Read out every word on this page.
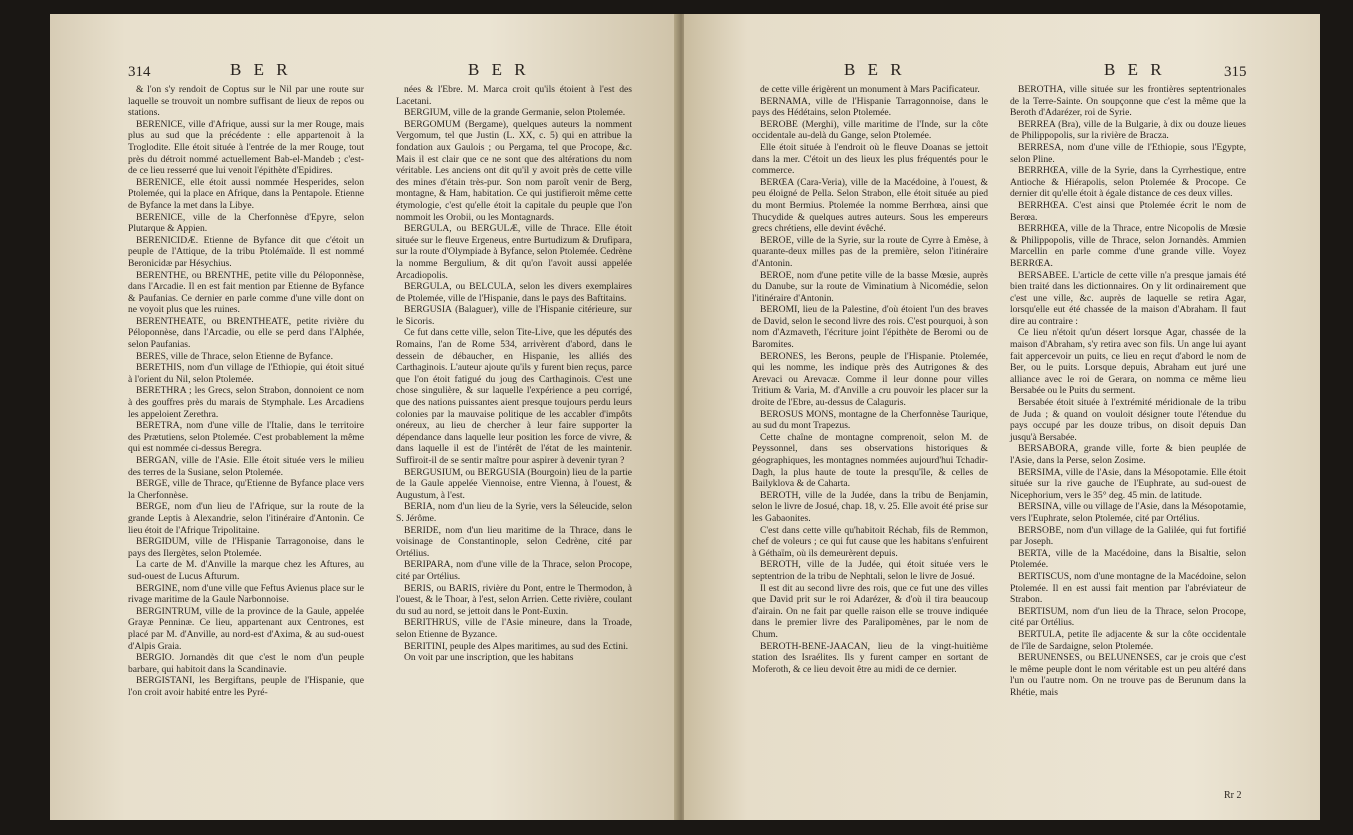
314	B E R	B E R

& l'on s'y rendoit de Coptus sur le Nil par une route sur laquelle se trouvoit un nombre suffisant de lieux de repos ou stations.

BERENICE, ville d'Afrique, aussi sur la mer Rouge, mais plus au sud que la précédente : elle appartenoit à la Troglodite. Elle étoit située à l'entrée de la mer Rouge, tout près du détroit nommé actuellement Bab-el-Mandeb ; c'est-de ce lieu resserré que lui venoit l'épithète d'Epidires.

BERENICE, elle étoit aussi nommée Hesperides, selon Ptolemée, qui la place en Afrique, dans la Pentapole. Etienne de Byfance la met dans la Libye.

BERENICE, ville de la Cherfonnèse d'Epyre, selon Plutarque & Appien.

BERENICIDÆ. Etienne de Byfance dit que c'étoit un peuple de l'Attique, de la tribu Ptolémaïde. Il est nommé Beronicidæ par Hésychius.

BERENTHE, ou BRENTHE, petite ville du Péloponnèse, dans l'Arcadie. Il en est fait mention par Etienne de Byfance & Paufanias. Ce dernier en parle comme d'une ville dont on ne voyoit plus que les ruines.

BERENTHEATE, ou BRENTHEATE, petite rivière du Péloponnèse, dans l'Arcadie, ou elle se perd dans l'Alphée, selon Paufanias.

BERES, ville de Thrace, selon Etienne de Byfance.

BERETHIS, nom d'un village de l'Ethiopie, qui étoit situé à l'orient du Nil, selon Ptolemée.

BERETHRA ; les Grecs, selon Strabon, donnoient ce nom à des gouffres près du marais de Stymphale. Les Arcadiens les appeloient Zerethra.

BERETRA, nom d'une ville de l'Italie, dans le territoire des Prætutiens, selon Ptolemée. C'est probablement la même qui est nommée ci-dessus Beregra.

BERGAN, ville de l'Asie. Elle étoit située vers le milieu des terres de la Susiane, selon Ptolemée.

BERGE, ville de Thrace, qu'Etienne de Byfance place vers la Cherfonnèse.

BERGE, nom d'un lieu de l'Afrique, sur la route de la grande Leptis à Alexandrie, selon l'itinéraire d'Antonin. Ce lieu étoit de l'Afrique Tripolitaine.

BERGIDUM, ville de l'Hispanie Tarragonoise, dans le pays des Ilergètes, selon Ptolemée.

La carte de M. d'Anville la marque chez les Aftures, au sud-ouest de Lucus Afturum.

BERGINE, nom d'une ville que Feftus Avienus place sur le rivage maritime de la Gaule Narbonnoise.

BERGINTRUM, ville de la province de la Gaule, appelée Grayæ Penninæ. Ce lieu, appartenant aux Centrones, est placé par M. d'Anville, au nord-est d'Axima, & au sud-ouest d'Alpis Graia.

BERGIO. Jornandès dit que c'est le nom d'un peuple barbare, qui habitoit dans la Scandinavie.

BERGISTANI, les Bergiftans, peuple de l'Hispanie, que l'on croit avoir habité entre les Pyré-

nées & l'Ebre. M. Marca croit qu'ils étoient à l'est des Lacetani.

BERGIUM, ville de la grande Germanie, selon Ptolemée.

BERGOMUM (Bergame), quelques auteurs la nomment Vergomum, tel que Justin (L. XX, c. 5) qui en attribue la fondation aux Gaulois ; ou Pergama, tel que Procope, &c. Mais il est clair que ce ne sont que des altérations du nom véritable. Les anciens ont dit qu'il y avoit près de cette ville des mines d'étain très-pur. Son nom paroît venir de Berg, montagne, & Ham, habitation. Ce qui justifieroit même cette étymologie, c'est qu'elle étoit la capitale du peuple que l'on nommoit les Orobii, ou les Montagnards.

BERGULA, ou BERGULÆ, ville de Thrace. Elle étoit située sur le fleuve Ergeneus, entre Burtudizum & Drufipara, sur la route d'Olympiade à Byfance, selon Ptolemée. Cedrène la nomme Bergulium, & dit qu'on l'avoit aussi appelée Arcadiopolis.

BERGULA, ou BELCULA, selon les divers exemplaires de Ptolemée, ville de l'Hispanie, dans le pays des Baftitains.

BERGUSIA (Balaguer), ville de l'Hispanie citérieure, sur le Sicoris.

Ce fut dans cette ville, selon Tite-Live, que les députés des Romains, l'an de Rome 534, arrivèrent d'abord, dans le dessein de débaucher, en Hispanie, les alliés des Carthaginois. L'auteur ajoute qu'ils y furent bien reçus, parce que l'on étoit fatigué du joug des Carthaginois. C'est une chose singulière, & sur laquelle l'expérience a peu corrigé, que des nations puissantes aient presque toujours perdu leurs colonies par la mauvaise politique de les accabler d'impôts onéreux, au lieu de chercher à leur faire supporter la dépendance dans laquelle leur position les force de vivre, & dans laquelle il est de l'intérêt de l'état de les maintenir. Suffiroit-il de se sentir maître pour aspirer à devenir tyran ?

BERGUSIUM, ou BERGUSIA (Bourgoin) lieu de la partie de la Gaule appelée Viennoise, entre Vienna, à l'ouest, & Augustum, à l'est.

BERIA, nom d'un lieu de la Syrie, vers la Séleucide, selon S. Jérôme.

BERIDE, nom d'un lieu maritime de la Thrace, dans le voisinage de Constantinople, selon Cedrène, cité par Ortélius.

BERIPARA, nom d'une ville de la Thrace, selon Procope, cité par Ortélius.

BERIS, ou BARIS, rivière du Pont, entre le Thermodon, à l'ouest, & le Thoar, à l'est, selon Arrien. Cette rivière, coulant du sud au nord, se jettoit dans le Pont-Euxin.

BERITHRUS, ville de l'Asie mineure, dans la Troade, selon Etienne de Byzance.

BERITINI, peuple des Alpes maritimes, au sud des Ectini.

On voit par une inscription, que les habitans

B E R	B E R	315

de cette ville érigèrent un monument à Mars Pacificateur.

BERNAMA, ville de l'Hispanie Tarragonnoise, dans le pays des Hédétains, selon Ptolemée.

BEROBE (Merghi), ville maritime de l'Inde, sur la côte occidentale au-delà du Gange, selon Ptolemée.

Elle étoit située à l'endroit où le fleuve Doanas se jettoit dans la mer. C'étoit un des lieux les plus fréquentés pour le commerce.

BERŒA (Cara-Veria), ville de la Macédoine, à l'ouest, & peu éloigné de Pella. Selon Strabon, elle étoit située au pied du mont Bermius. Ptolemée la nomme Berrhœa, ainsi que Thucydide & quelques autres auteurs. Sous les empereurs grecs chrétiens, elle devint évêché.

BEROE, ville de la Syrie, sur la route de Cyrre à Emèse, à quarante-deux milles pas de la première, selon l'itinéraire d'Antonin.

BEROE, nom d'une petite ville de la basse Mœsie, auprès du Danube, sur la route de Viminatium à Nicomédie, selon l'itinéraire d'Antonin.

BEROMI, lieu de la Palestine, d'où étoient l'un des braves de David, selon le second livre des rois. C'est pourquoi, à son nom d'Azmaveth, l'écriture joint l'épithète de Beromi ou de Baromites.

BERONES, les Berons, peuple de l'Hispanie. Ptolemée, qui les nomme, les indique près des Autrigones & des Arevaci ou Arevacæ. Comme il leur donne pour villes Tritium & Varia, M. d'Anville a cru pouvoir les placer sur la droite de l'Ebre, au-dessus de Calaguris.

BEROSUS MONS, montagne de la Cherfonnèse Taurique, au sud du mont Trapezus.

Cette chaîne de montagne comprenoit, selon M. de Peyssonnel, dans ses observations historiques & géographiques, les montagnes nommées aujourd'hui Tchadir-Dagh, la plus haute de toute la presqu'île, & celles de Bailyklova & de Caharta.

BEROTH, ville de la Judée, dans la tribu de Benjamin, selon le livre de Josué, chap. 18, v. 25. Elle avoit été prise sur les Gabaonites.

C'est dans cette ville qu'habitoit Réchab, fils de Remmon, chef de voleurs ; ce qui fut cause que les habitans s'enfuirent à Géthaïm, où ils demeurèrent depuis.

BEROTH, ville de la Judée, qui étoit située vers le septentrion de la tribu de Nephtali, selon le livre de Josué.

Il est dit au second livre des rois, que ce fut une des villes que David prit sur le roi Adarézer, & d'où il tira beaucoup d'airain. On ne fait par quelle raison elle se trouve indiquée dans le premier livre des Paralipomènes, par le nom de Chum.

BEROTH-BENE-JAACAN, lieu de la vingt-huitième station des Israélites. Ils y furent camper en sortant de Moferoth, & ce lieu devoit être au midi de ce dernier.

BEROTHA, ville située sur les frontières septentrionales de la Terre-Sainte. On soupçonne que c'est la même que la Beroth d'Adarézer, roi de Syrie.

BERREA (Bra), ville de la Bulgarie, à dix ou douze lieues de Philippopolis, sur la rivière de Bracza.

BERRESA, nom d'une ville de l'Ethiopie, sous l'Egypte, selon Pline.

BERRHŒA, ville de la Syrie, dans la Cyrrhestique, entre Antioche & Hiérapolis, selon Ptolemée & Procope. Ce dernier dit qu'elle étoit à égale distance de ces deux villes.

BERRHŒA. C'est ainsi que Ptolemée écrit le nom de Berœa.

BERRHŒA, ville de la Thrace, entre Nicopolis de Mœsie & Philippopolis, ville de Thrace, selon Jornandès. Ammien Marcellin en parle comme d'une grande ville. Voyez BERRŒA.

BERSABEE. L'article de cette ville n'a presque jamais été bien traité dans les dictionnaires. On y lit ordinairement que c'est une ville, &c. auprès de laquelle se retira Agar, lorsqu'elle eut été chassée de la maison d'Abraham. Il faut dire au contraire :

Ce lieu n'étoit qu'un désert lorsque Agar, chassée de la maison d'Abraham, s'y retira avec son fils. Un ange lui ayant fait appercevoir un puits, ce lieu en reçut d'abord le nom de Ber, ou le puits. Lorsque depuis, Abraham eut juré une alliance avec le roi de Gerara, on nomma ce même lieu Bersabée ou le Puits du serment.

Bersabée étoit située à l'extrémité méridionale de la tribu de Juda ; & quand on vouloit désigner toute l'étendue du pays occupé par les douze tribus, on disoit depuis Dan jusqu'à Bersabée.

BERSABORA, grande ville, forte & bien peuplée de l'Asie, dans la Perse, selon Zosime.

BERSIMA, ville de l'Asie, dans la Mésopotamie. Elle étoit située sur la rive gauche de l'Euphrate, au sud-ouest de Nicephorium, vers le 35° deg. 45 min. de latitude.

BERSINA, ville ou village de l'Asie, dans la Mésopotamie, vers l'Euphrate, selon Ptolemée, cité par Ortélius.

BERSOBE, nom d'un village de la Galilée, qui fut fortifié par Joseph.

BERTA, ville de la Macédoine, dans la Bisaltie, selon Ptolemée.

BERTISCUS, nom d'une montagne de la Macédoine, selon Ptolemée. Il en est aussi fait mention par l'abréviateur de Strabon.

BERTISUM, nom d'un lieu de la Thrace, selon Procope, cité par Ortélius.

BERTULA, petite île adjacente & sur la côte occidentale de l'île de Sardaigne, selon Ptolemée.

BERUNENSES, ou BELUNENSES, car je crois que c'est le même peuple dont le nom véritable est un peu altéré dans l'un ou l'autre nom. On ne trouve pas de Berunum dans la Rhétie, mais

Rr 2
